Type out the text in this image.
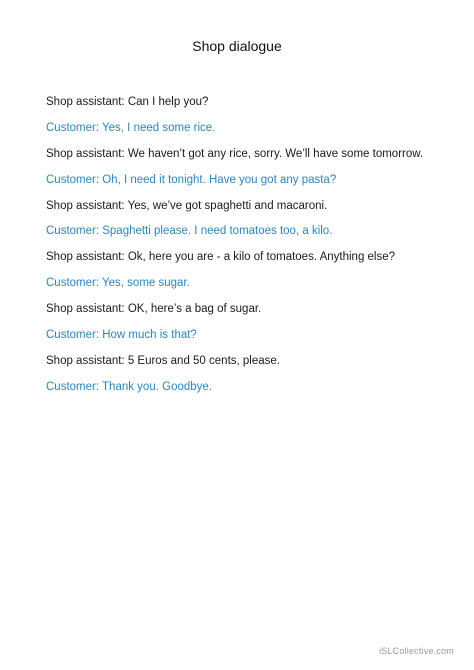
Shop dialogue
Shop assistant: Can I help you?
Customer: Yes, I need some rice.
Shop assistant: We haven’t got any rice, sorry. We’ll have some tomorrow.
Customer: Oh, I need it tonight. Have you got any pasta?
Shop assistant: Yes, we’ve got spaghetti and macaroni.
Customer: Spaghetti please. I need tomatoes too, a kilo.
Shop assistant: Ok, here you are - a kilo of tomatoes. Anything else?
Customer: Yes, some sugar.
Shop assistant: OK, here’s a bag of sugar.
Customer: How much is that?
Shop assistant: 5 Euros and 50 cents, please.
Customer: Thank you. Goodbye.
iSLCollective.com
